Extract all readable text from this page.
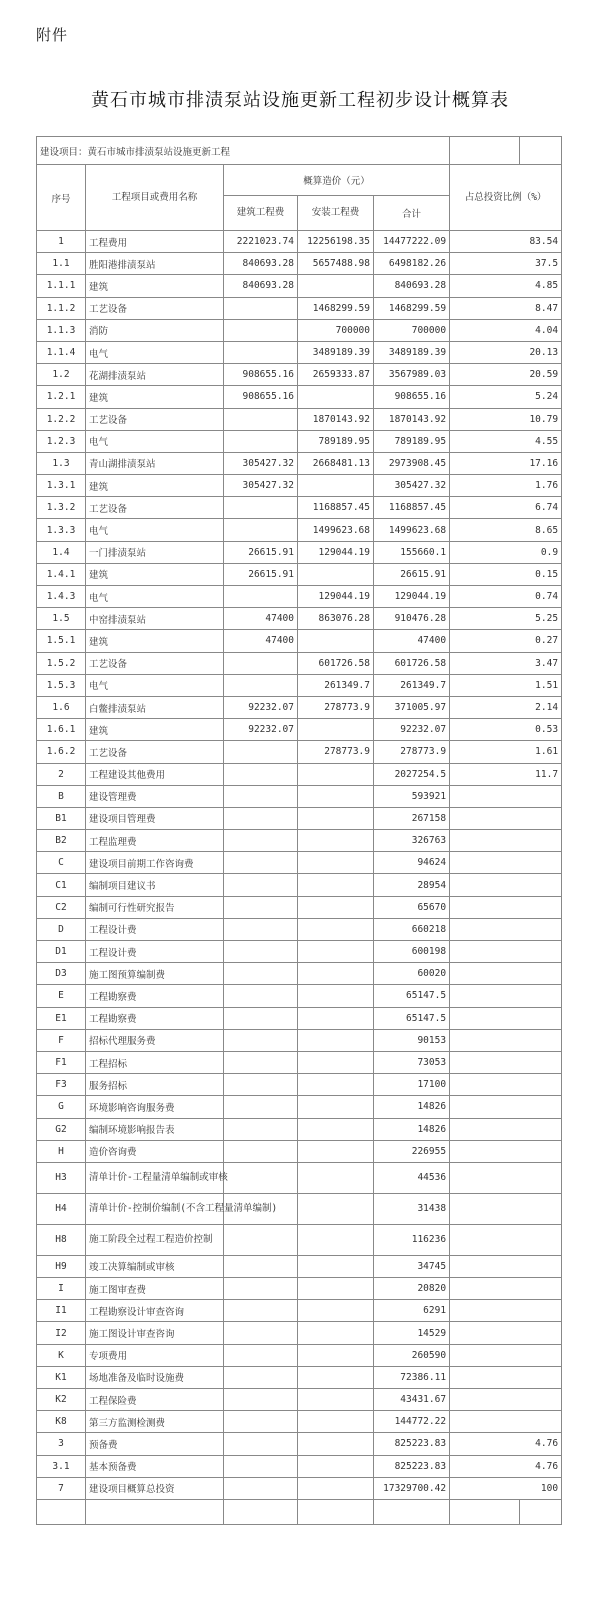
附件
黄石市城市排渍泵站设施更新工程初步设计概算表
建设项目：黄石市城市排渍泵站设施更新工程						
序号	工程项目或费用名称	概算造价（元）			占总投资比例（%）	
		建筑工程费	安装工程费	合计		
1	工程费用	2221023.74	12256198.35	14477222.09	83.54	
1.1	胜阳港排渍泵站	840693.28	5657488.98	6498182.26	37.5	
1.1.1	建筑	840693.28		840693.28	4.85	
1.1.2	工艺设备		1468299.59	1468299.59	8.47	
1.1.3	消防		700000	700000	4.04	
1.1.4	电气		3489189.39	3489189.39	20.13	
1.2	花湖排渍泵站	908655.16	2659333.87	3567989.03	20.59	
1.2.1	建筑	908655.16		908655.16	5.24	
1.2.2	工艺设备		1870143.92	1870143.92	10.79	
1.2.3	电气		789189.95	789189.95	4.55	
1.3	青山湖排渍泵站	305427.32	2668481.13	2973908.45	17.16	
1.3.1	建筑	305427.32		305427.32	1.76	
1.3.2	工艺设备		1168857.45	1168857.45	6.74	
1.3.3	电气		1499623.68	1499623.68	8.65	
1.4	一门排渍泵站	26615.91	129044.19	155660.1	0.9	
1.4.1	建筑	26615.91		26615.91	0.15	
1.4.3	电气		129044.19	129044.19	0.74	
1.5	中窑排渍泵站	47400	863076.28	910476.28	5.25	
1.5.1	建筑	47400		47400	0.27	
1.5.2	工艺设备		601726.58	601726.58	3.47	
1.5.3	电气		261349.7	261349.7	1.51	
1.6	白鳖排渍泵站	92232.07	278773.9	371005.97	2.14	
1.6.1	建筑	92232.07		92232.07	0.53	
1.6.2	工艺设备		278773.9	278773.9	1.61	
2	工程建设其他费用			2027254.5	11.7	
B	建设管理费			593921		
B1	建设项目管理费			267158		
B2	工程监理费			326763		
C	建设项目前期工作咨询费			94624		
C1	编制项目建议书			28954		
C2	编制可行性研究报告			65670		
D	工程设计费			660218		
D1	工程设计费			600198		
D3	施工图预算编制费			60020		
E	工程勘察费			65147.5		
E1	工程勘察费			65147.5		
F	招标代理服务费			90153		
F1	工程招标			73053		
F3	服务招标			17100		
G	环境影响咨询服务费			14826		
G2	编制环境影响报告表			14826		
H	造价咨询费			226955		
H3	清单计价-工程量清单编制或审核			44536		
H4	清单计价-控制价编制(不含工程量清单编制)			31438		
H8	施工阶段全过程工程造价控制			116236		
H9	竣工决算编制或审核			34745		
I	施工图审查费			20820		
I1	工程勘察设计审查咨询			6291		
I2	施工图设计审查咨询			14529		
K	专项费用			260590		
K1	场地准备及临时设施费			72386.11		
K2	工程保险费			43431.67		
K8	第三方监测检测费			144772.22		
3	预备费			825223.83	4.76	
3.1	基本预备费			825223.83	4.76	
7	建设项目概算总投资			17329700.42	100	
